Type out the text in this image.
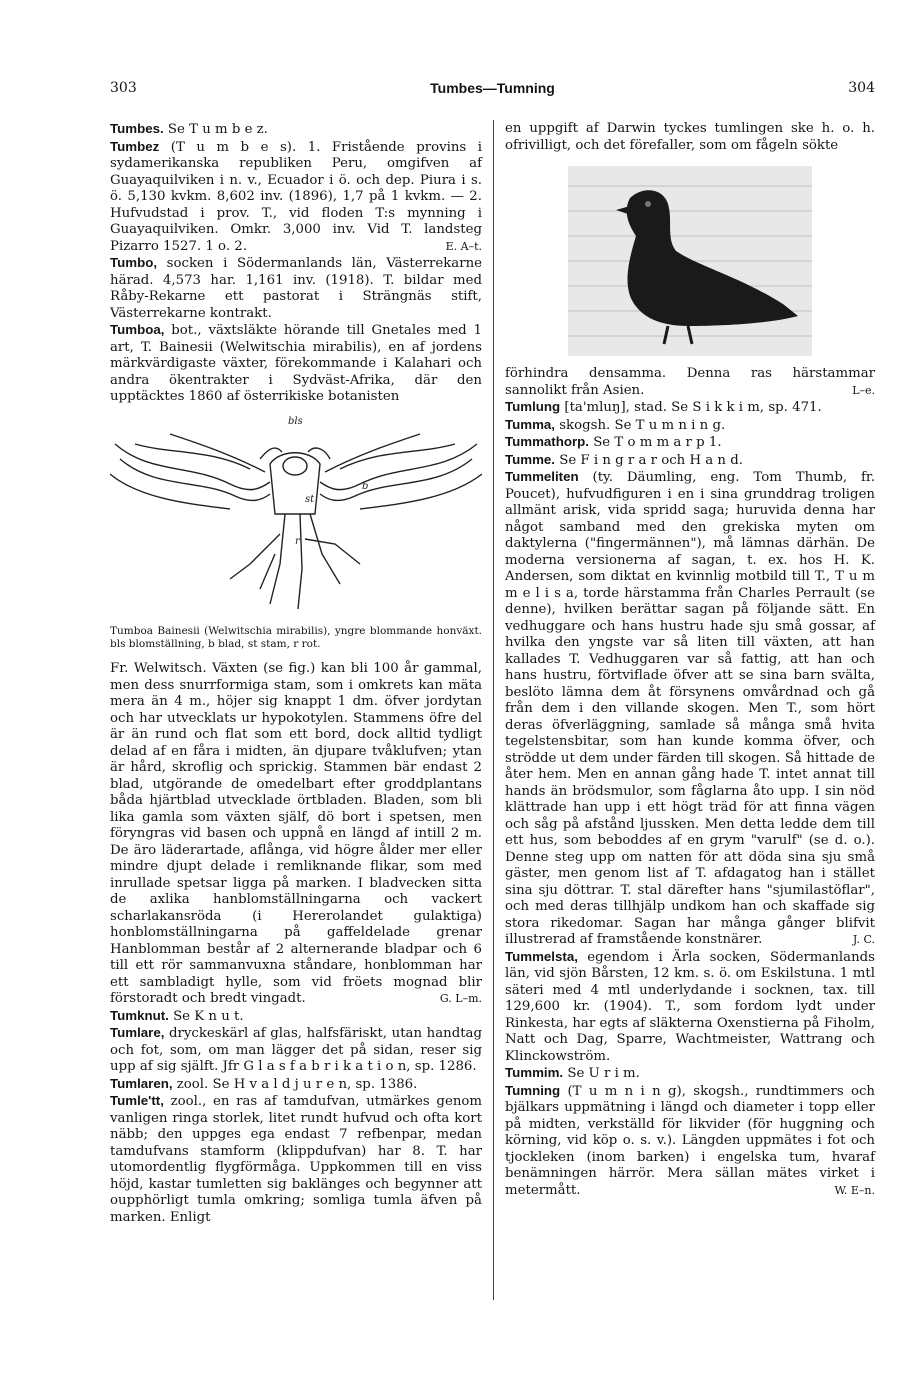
303	Tumbes—Tumning	304

Tumbes. Se T u m b e z.

Tumbez (T u m b e s). 1. Fristående provins i sydamerikanska republiken Peru, omgifven af Guayaquilviken i n. v., Ecuador i ö. och dep. Piura i s. ö. 5,130 kvkm. 8,602 inv. (1896), 1,7 på 1 kvkm. — 2. Hufvudstad i prov. T., vid floden T:s mynning i Guayaquilviken. Omkr. 3,000 inv. Vid T. landsteg Pizarro 1527. 1 o. 2.	E. A–t.

Tumbo, socken i Södermanlands län, Västerrekarne härad. 4,573 har. 1,161 inv. (1918). T. bildar med Råby-Rekarne ett pastorat i Strängnäs stift, Västerrekarne kontrakt.

Tumboa, bot., växtsläkte hörande till Gnetales med 1 art, T. Bainesii (Welwitschia mirabilis), en af jordens märkvärdigaste växter, förekommande i Kalahari och andra ökentrakter i Sydväst-Afrika, där den upptäcktes 1860 af österrikiske botanisten

bls
b
st
r
Tumboa Bainesii (Welwitschia mirabilis), yngre blommande honväxt. bls blomställning, b blad, st stam, r rot.

Fr. Welwitsch. Växten (se fig.) kan bli 100 år gammal, men dess snurrformiga stam, som i omkrets kan mäta mera än 4 m., höjer sig knappt 1 dm. öfver jordytan och har utvecklats ur hypokotylen. Stammens öfre del är än rund och flat som ett bord, dock alltid tydligt delad af en fåra i midten, än djupare tvåklufven; ytan är hård, skroflig och sprickig. Stammen bär endast 2 blad, utgörande de omedelbart efter groddplantans båda hjärtblad utvecklade örtbladen. Bladen, som bli lika gamla som växten själf, dö bort i spetsen, men föryngras vid basen och uppnå en längd af intill 2 m. De äro läderartade, aflånga, vid högre ålder mer eller mindre djupt delade i remliknande flikar, som med inrullade spetsar ligga på marken. I bladvecken sitta de axlika hanblomställningarna och vackert scharlakansröda (i Hererolandet gulaktiga) honblomställningarna på gaffeldelade grenar Hanblomman består af 2 alternerande bladpar och 6 till ett rör sammanvuxna ståndare, honblomman har ett sambladigt hylle, som vid fröets mognad blir förstoradt och bredt vingadt.	G. L–m.

Tumknut. Se K n u t.

Tumlare, dryckeskärl af glas, halfsfäriskt, utan handtag och fot, som, om man lägger det på sidan, reser sig upp af sig själft. Jfr G l a s f a b r i k a t i o n, sp. 1286.

Tumlaren, zool. Se H v a l d j u r e n, sp. 1386.

Tumle'tt, zool., en ras af tamdufvan, utmärkes genom vanligen ringa storlek, litet rundt hufvud och ofta kort näbb; den uppges ega endast 7 refbenpar, medan tamdufvans stamform (klippdufvan) har 8. T. har utomordentlig flygförmåga. Uppkommen till en viss höjd, kastar tumletten sig baklänges och begynner att oupphörligt tumla omkring; somliga tumla äfven på marken. Enligt

en uppgift af Darwin tyckes tumlingen ske h. o. h. ofrivilligt, och det förefaller, som om fågeln sökte

förhindra densamma. Denna ras härstammar sannolikt från Asien.	L–e.

Tumlung [ta'mluŋ], stad. Se S i k k i m, sp. 471.

Tumma, skogsh. Se T u m n i n g.

Tummathorp. Se T o m m a r p 1.

Tumme. Se F i n g r a r och H a n d.

Tummeliten (ty. Däumling, eng. Tom Thumb, fr. Poucet), hufvudfiguren i en i sina grunddrag troligen allmänt arisk, vida spridd saga; huruvida denna har något samband med den grekiska myten om daktylerna ("fingermännen"), må lämnas därhän. De moderna versionerna af sagan, t. ex. hos H. K. Andersen, som diktat en kvinnlig motbild till T., T u m m e l i s a, torde härstamma från Charles Perrault (se denne), hvilken berättar sagan på följande sätt. En vedhuggare och hans hustru hade sju små gossar, af hvilka den yngste var så liten till växten, att han kallades T. Vedhuggaren var så fattig, att han och hans hustru, förtviflade öfver att se sina barn svälta, beslöto lämna dem åt försynens omvårdnad och gå från dem i den villande skogen. Men T., som hört deras öfverläggning, samlade så många små hvita tegelstensbitar, som han kunde komma öfver, och strödde ut dem under färden till skogen. Så hittade de åter hem. Men en annan gång hade T. intet annat till hands än brödsmulor, som fåglarna åto upp. I sin nöd klättrade han upp i ett högt träd för att finna vägen och såg på afstånd ljussken. Men detta ledde dem till ett hus, som beboddes af en grym "varulf" (se d. o.). Denne steg upp om natten för att döda sina sju små gäster, men genom list af T. afdagatog han i stället sina sju döttrar. T. stal därefter hans "sjumilastöflar", och med deras tillhjälp undkom han och skaffade sig stora rikedomar. Sagan har många gånger blifvit illustrerad af framstående konstnärer.	J. C.

Tummelsta, egendom i Ärla socken, Södermanlands län, vid sjön Bårsten, 12 km. s. ö. om Eskilstuna. 1 mtl säteri med 4 mtl underlydande i socknen, tax. till 129,600 kr. (1904). T., som fordom lydt under Rinkesta, har egts af släkterna Oxenstierna på Fiholm, Natt och Dag, Sparre, Wachtmeister, Wattrang och Klinckowström.

Tummim. Se U r i m.

Tumning (T u m n i n g), skogsh., rundtimmers och bjälkars uppmätning i längd och diameter i topp eller på midten, verkställd för likvider (för huggning och körning, vid köp o. s. v.). Längden uppmätes i fot och tjockleken (inom barken) i engelska tum, hvaraf benämningen härrör. Mera sällan mätes virket i metermått.	W. E–n.
